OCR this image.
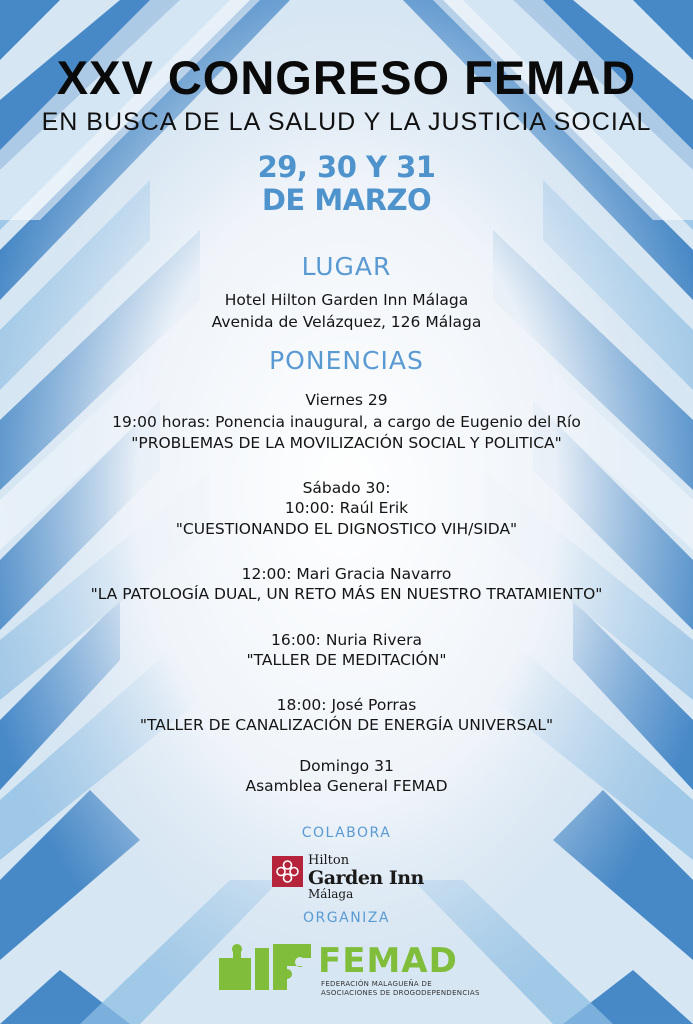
XXV CONGRESO FEMAD
EN BUSCA DE LA SALUD Y LA JUSTICIA SOCIAL
29, 30 Y 31
DE MARZO
LUGAR
Hotel Hilton Garden Inn Málaga
Avenida de Velázquez, 126 Málaga
PONENCIAS
Viernes 29
19:00 horas: Ponencia inaugural, a cargo de Eugenio del Río
"PROBLEMAS DE LA MOVILIZACIÓN SOCIAL Y POLITICA"
Sábado 30:
10:00: Raúl Erik
"CUESTIONANDO EL DIGNOSTICO VIH/SIDA"
12:00: Mari Gracia Navarro
"LA PATOLOGÍA DUAL, UN RETO MÁS EN NUESTRO TRATAMIENTO"
16:00: Nuria Rivera
"TALLER DE MEDITACIÓN"
18:00: José Porras
"TALLER DE CANALIZACIÓN DE ENERGÍA UNIVERSAL"
Domingo 31
Asamblea General FEMAD
COLABORA
Hilton
Garden Inn
Málaga
ORGANIZA
FEMAD
FEDERACIÓN MALAGUEÑA DE
ASOCIACIONES DE DROGODEPENDENCIAS
